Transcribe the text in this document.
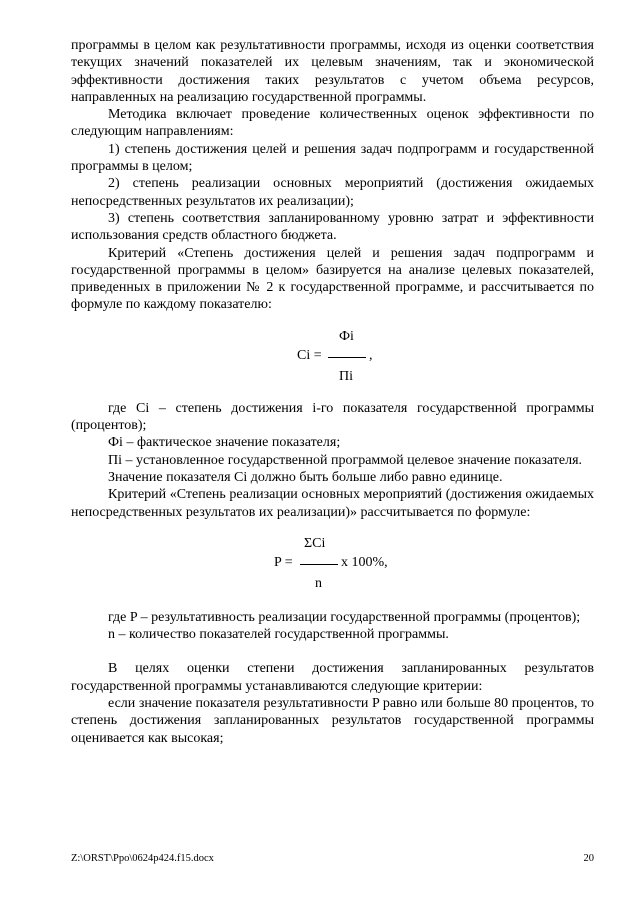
программы в целом как результативности программы, исходя из оценки соответствия текущих значений показателей их целевым значениям, так и экономической эффективности достижения таких результатов с учетом объема ресурсов, направленных на реализацию государственной программы.

Методика включает проведение количественных оценок эффективности по следующим направлениям:

1) степень достижения целей и решения задач подпрограмм и государственной программы в целом;

2) степень реализации основных мероприятий (достижения ожидаемых непосредственных результатов их реализации);

3) степень соответствия запланированному уровню затрат и эффективности использования средств областного бюджета.

Критерий «Степень достижения целей и решения задач подпрограмм и государственной программы в целом» базируется на анализе целевых показателей, приведенных в приложении № 2 к государственной программе, и рассчитывается по формуле по каждому показателю:

Фi
Ci =	,
Пi

где Ci – степень достижения i-го показателя государственной программы (процентов);

Фi – фактическое значение показателя;

Пi – установленное государственной программой целевое значение показателя.

Значение показателя Ci должно быть больше либо равно единице.

Критерий «Степень реализации основных мероприятий (достижения ожидаемых непосредственных результатов их реализации)» рассчитывается по формуле:

ΣCi
P =	x 100%,
n

где P – результативность реализации государственной программы (процентов);

n – количество показателей государственной программы.

В целях оценки степени достижения запланированных результатов государственной программы устанавливаются следующие критерии:

если значение показателя результативности P равно или больше 80 процентов, то степень достижения запланированных результатов государственной программы оценивается как высокая;

Z:\ORST\Ppo\0624p424.f15.docx	20
